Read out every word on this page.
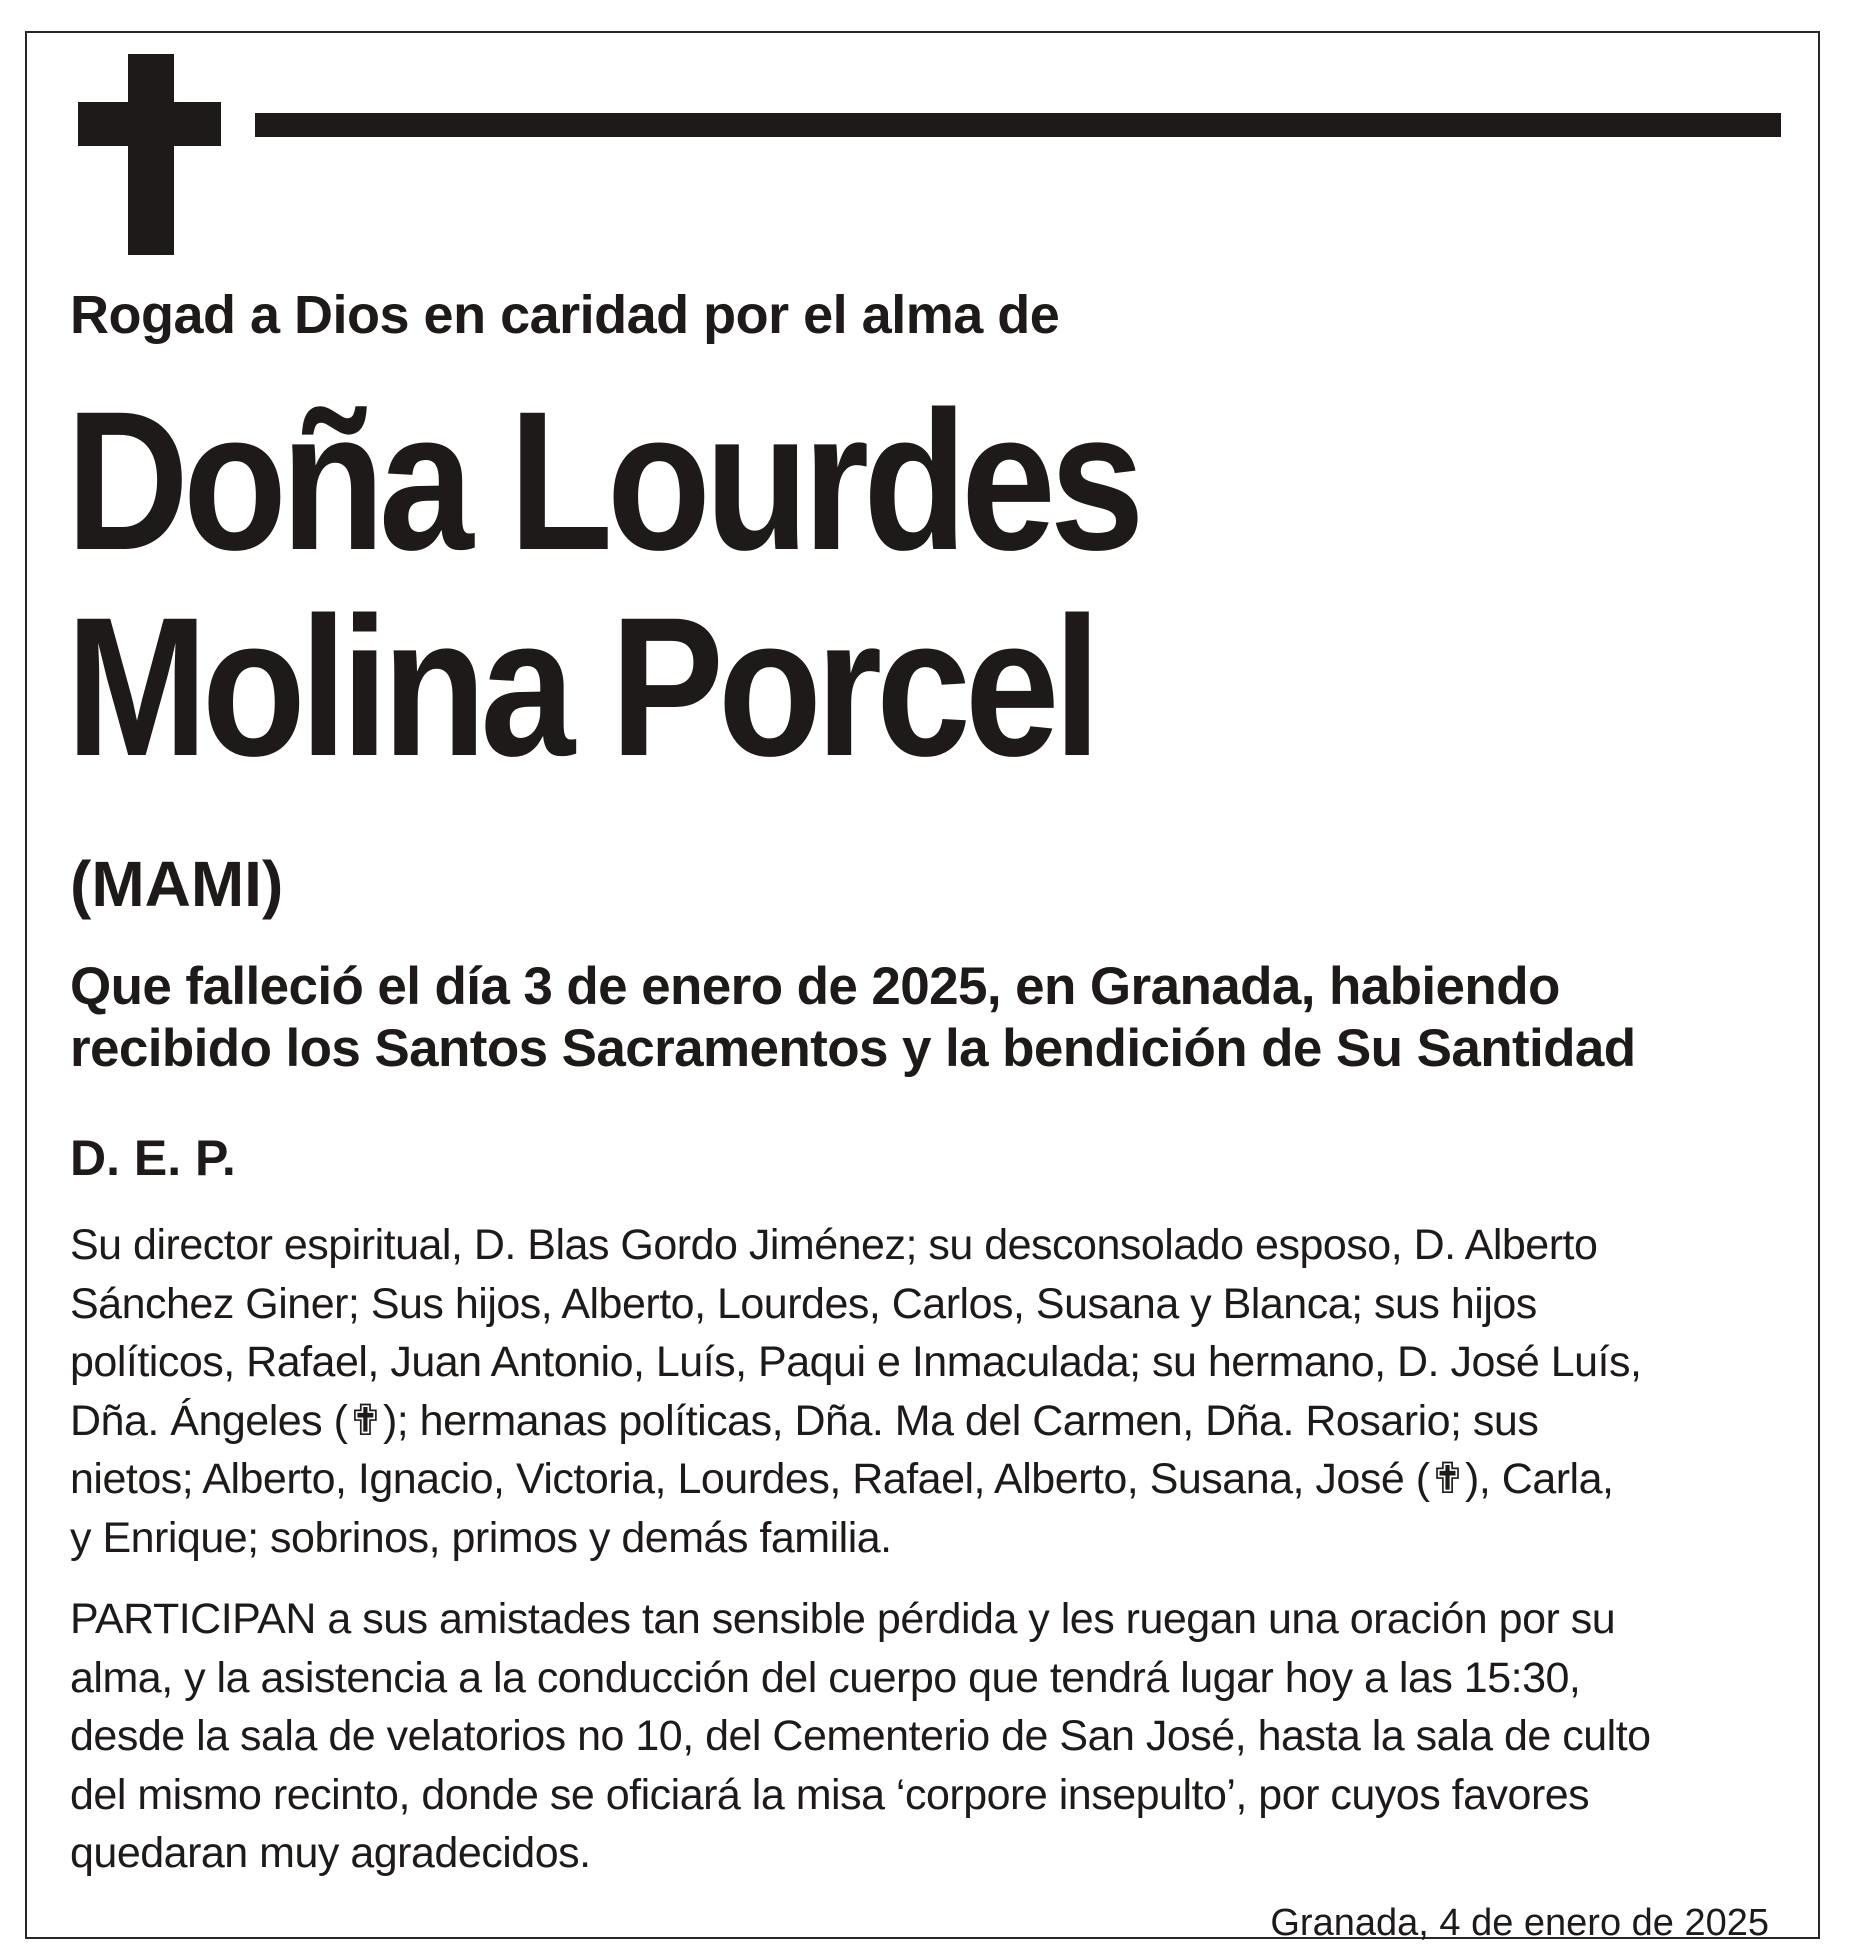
Rogad a Dios en caridad por el alma de
Doña Lourdes
Molina Porcel
(MAMI)
Que falleció el día 3 de enero de 2025, en Granada, habiendo
recibido los Santos Sacramentos y la bendición de Su Santidad
D. E. P.
Su director espiritual, D. Blas Gordo Jiménez; su desconsolado esposo, D. Alberto
Sánchez Giner; Sus hijos, Alberto, Lourdes, Carlos, Susana y Blanca; sus hijos
políticos, Rafael, Juan Antonio, Luís, Paqui e Inmaculada; su hermano, D. José Luís,
Dña. Ángeles (✟); hermanas políticas, Dña. Ma del Carmen, Dña. Rosario; sus
nietos; Alberto, Ignacio, Victoria, Lourdes, Rafael, Alberto, Susana, José (✟), Carla,
y Enrique; sobrinos, primos y demás familia.
PARTICIPAN a sus amistades tan sensible pérdida y les ruegan una oración por su
alma, y la asistencia a la conducción del cuerpo que tendrá lugar hoy a las 15:30,
desde la sala de velatorios no 10, del Cementerio de San José, hasta la sala de culto
del mismo recinto, donde se oficiará la misa ‘corpore insepulto’, por cuyos favores
quedaran muy agradecidos.
Granada, 4 de enero de 2025
